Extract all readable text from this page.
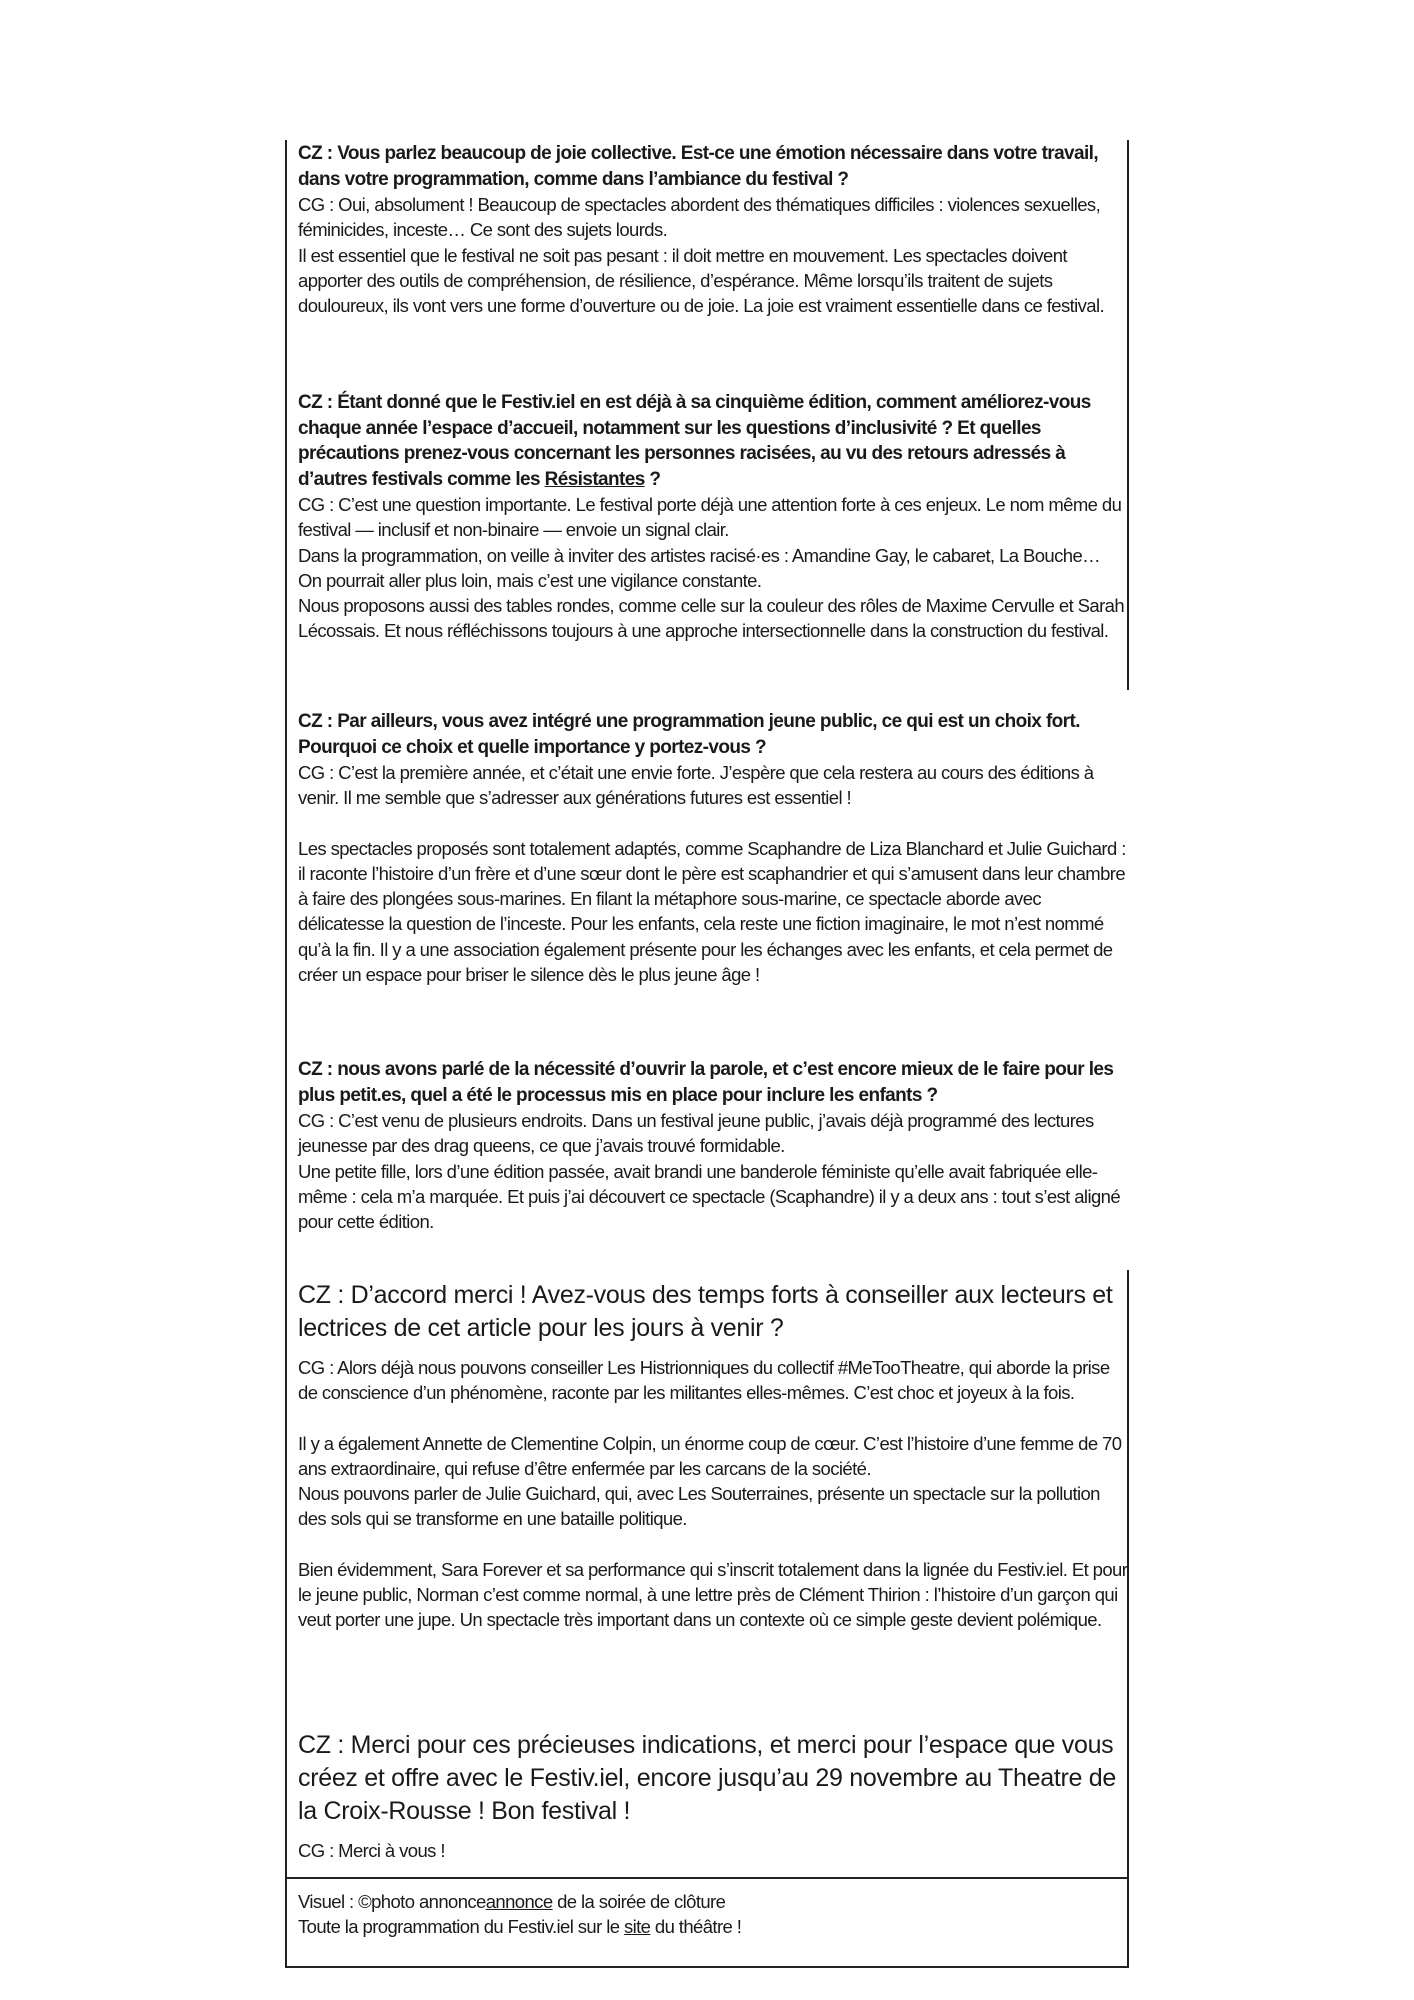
CZ : Vous parlez beaucoup de joie collective. Est-ce une émotion nécessaire dans votre travail, dans votre programmation, comme dans l’ambiance du festival ?

CG : Oui, absolument ! Beaucoup de spectacles abordent des thématiques difficiles : violences sexuelles, féminicides, inceste… Ce sont des sujets lourds.

Il est essentiel que le festival ne soit pas pesant : il doit mettre en mouvement. Les spectacles doivent apporter des outils de compréhension, de résilience, d’espérance. Même lorsqu’ils traitent de sujets douloureux, ils vont vers une forme d’ouverture ou de joie. La joie est vraiment essentielle dans ce festival.

CZ : Étant donné que le Festiv.iel en est déjà à sa cinquième édition, comment améliorez-vous chaque année l’espace d’accueil, notamment sur les questions d’inclusivité ? Et quelles précautions prenez-vous concernant les personnes racisées, au vu des retours adressés à d’autres festivals comme les Résistantes ?

CG : C’est une question importante. Le festival porte déjà une attention forte à ces enjeux. Le nom même du festival — inclusif et non-binaire — envoie un signal clair.

Dans la programmation, on veille à inviter des artistes racisé·es : Amandine Gay, le cabaret, La Bouche… On pourrait aller plus loin, mais c’est une vigilance constante.

Nous proposons aussi des tables rondes, comme celle sur la couleur des rôles de Maxime Cervulle et Sarah Lécossais. Et nous réfléchissons toujours à une approche intersectionnelle dans la construction du festival.

CZ : Par ailleurs, vous avez intégré une programmation jeune public, ce qui est un choix fort. Pourquoi ce choix et quelle importance y portez-vous ?

CG : C’est la première année, et c’était une envie forte. J’espère que cela restera au cours des éditions à venir. Il me semble que s’adresser aux générations futures est essentiel !

Les spectacles proposés sont totalement adaptés, comme Scaphandre de Liza Blanchard et Julie Guichard : il raconte l’histoire d’un frère et d’une sœur dont le père est scaphandrier et qui s’amusent dans leur chambre à faire des plongées sous-marines. En filant la métaphore sous-marine, ce spectacle aborde avec délicatesse la question de l’inceste. Pour les enfants, cela reste une fiction imaginaire, le mot n’est nommé qu’à la fin. Il y a une association également présente pour les échanges avec les enfants, et cela permet de créer un espace pour briser le silence dès le plus jeune âge !

CZ : nous avons parlé de la nécessité d’ouvrir la parole, et c’est encore mieux de le faire pour les plus petit.es, quel a été le processus mis en place pour inclure les enfants ?

CG : C’est venu de plusieurs endroits. Dans un festival jeune public, j’avais déjà programmé des lectures jeunesse par des drag queens, ce que j’avais trouvé formidable.

Une petite fille, lors d’une édition passée, avait brandi une banderole féministe qu’elle avait fabriquée elle-même : cela m’a marquée. Et puis j’ai découvert ce spectacle (Scaphandre) il y a deux ans : tout s’est aligné pour cette édition.

CZ : D’accord merci ! Avez-vous des temps forts à conseiller aux lecteurs et lectrices de cet article pour les jours à venir ?

CG : Alors déjà nous pouvons conseiller Les Histrionniques du collectif #MeTooTheatre, qui aborde la prise de conscience d’un phénomène, raconte par les militantes elles-mêmes. C’est choc et joyeux à la fois.

Il y a également Annette de Clementine Colpin, un énorme coup de cœur. C’est l’histoire d’une femme de 70 ans extraordinaire, qui refuse d’être enfermée par les carcans de la société.

Nous pouvons parler de Julie Guichard, qui, avec Les Souterraines, présente un spectacle sur la pollution des sols qui se transforme en une bataille politique.

Bien évidemment, Sara Forever et sa performance qui s’inscrit totalement dans la lignée du Festiv.iel. Et pour le jeune public, Norman c’est comme normal, à une lettre près de Clément Thirion : l’histoire d’un garçon qui veut porter une jupe. Un spectacle très important dans un contexte où ce simple geste devient polémique.

CZ : Merci pour ces précieuses indications, et merci pour l’espace que vous créez et offre avec le Festiv.iel, encore jusqu’au 29 novembre au Theatre de la Croix-Rousse ! Bon festival !

CG : Merci à vous !

Visuel : ©photo annonceannonce de la soirée de clôture

Toute la programmation du Festiv.iel sur le site du théâtre !
